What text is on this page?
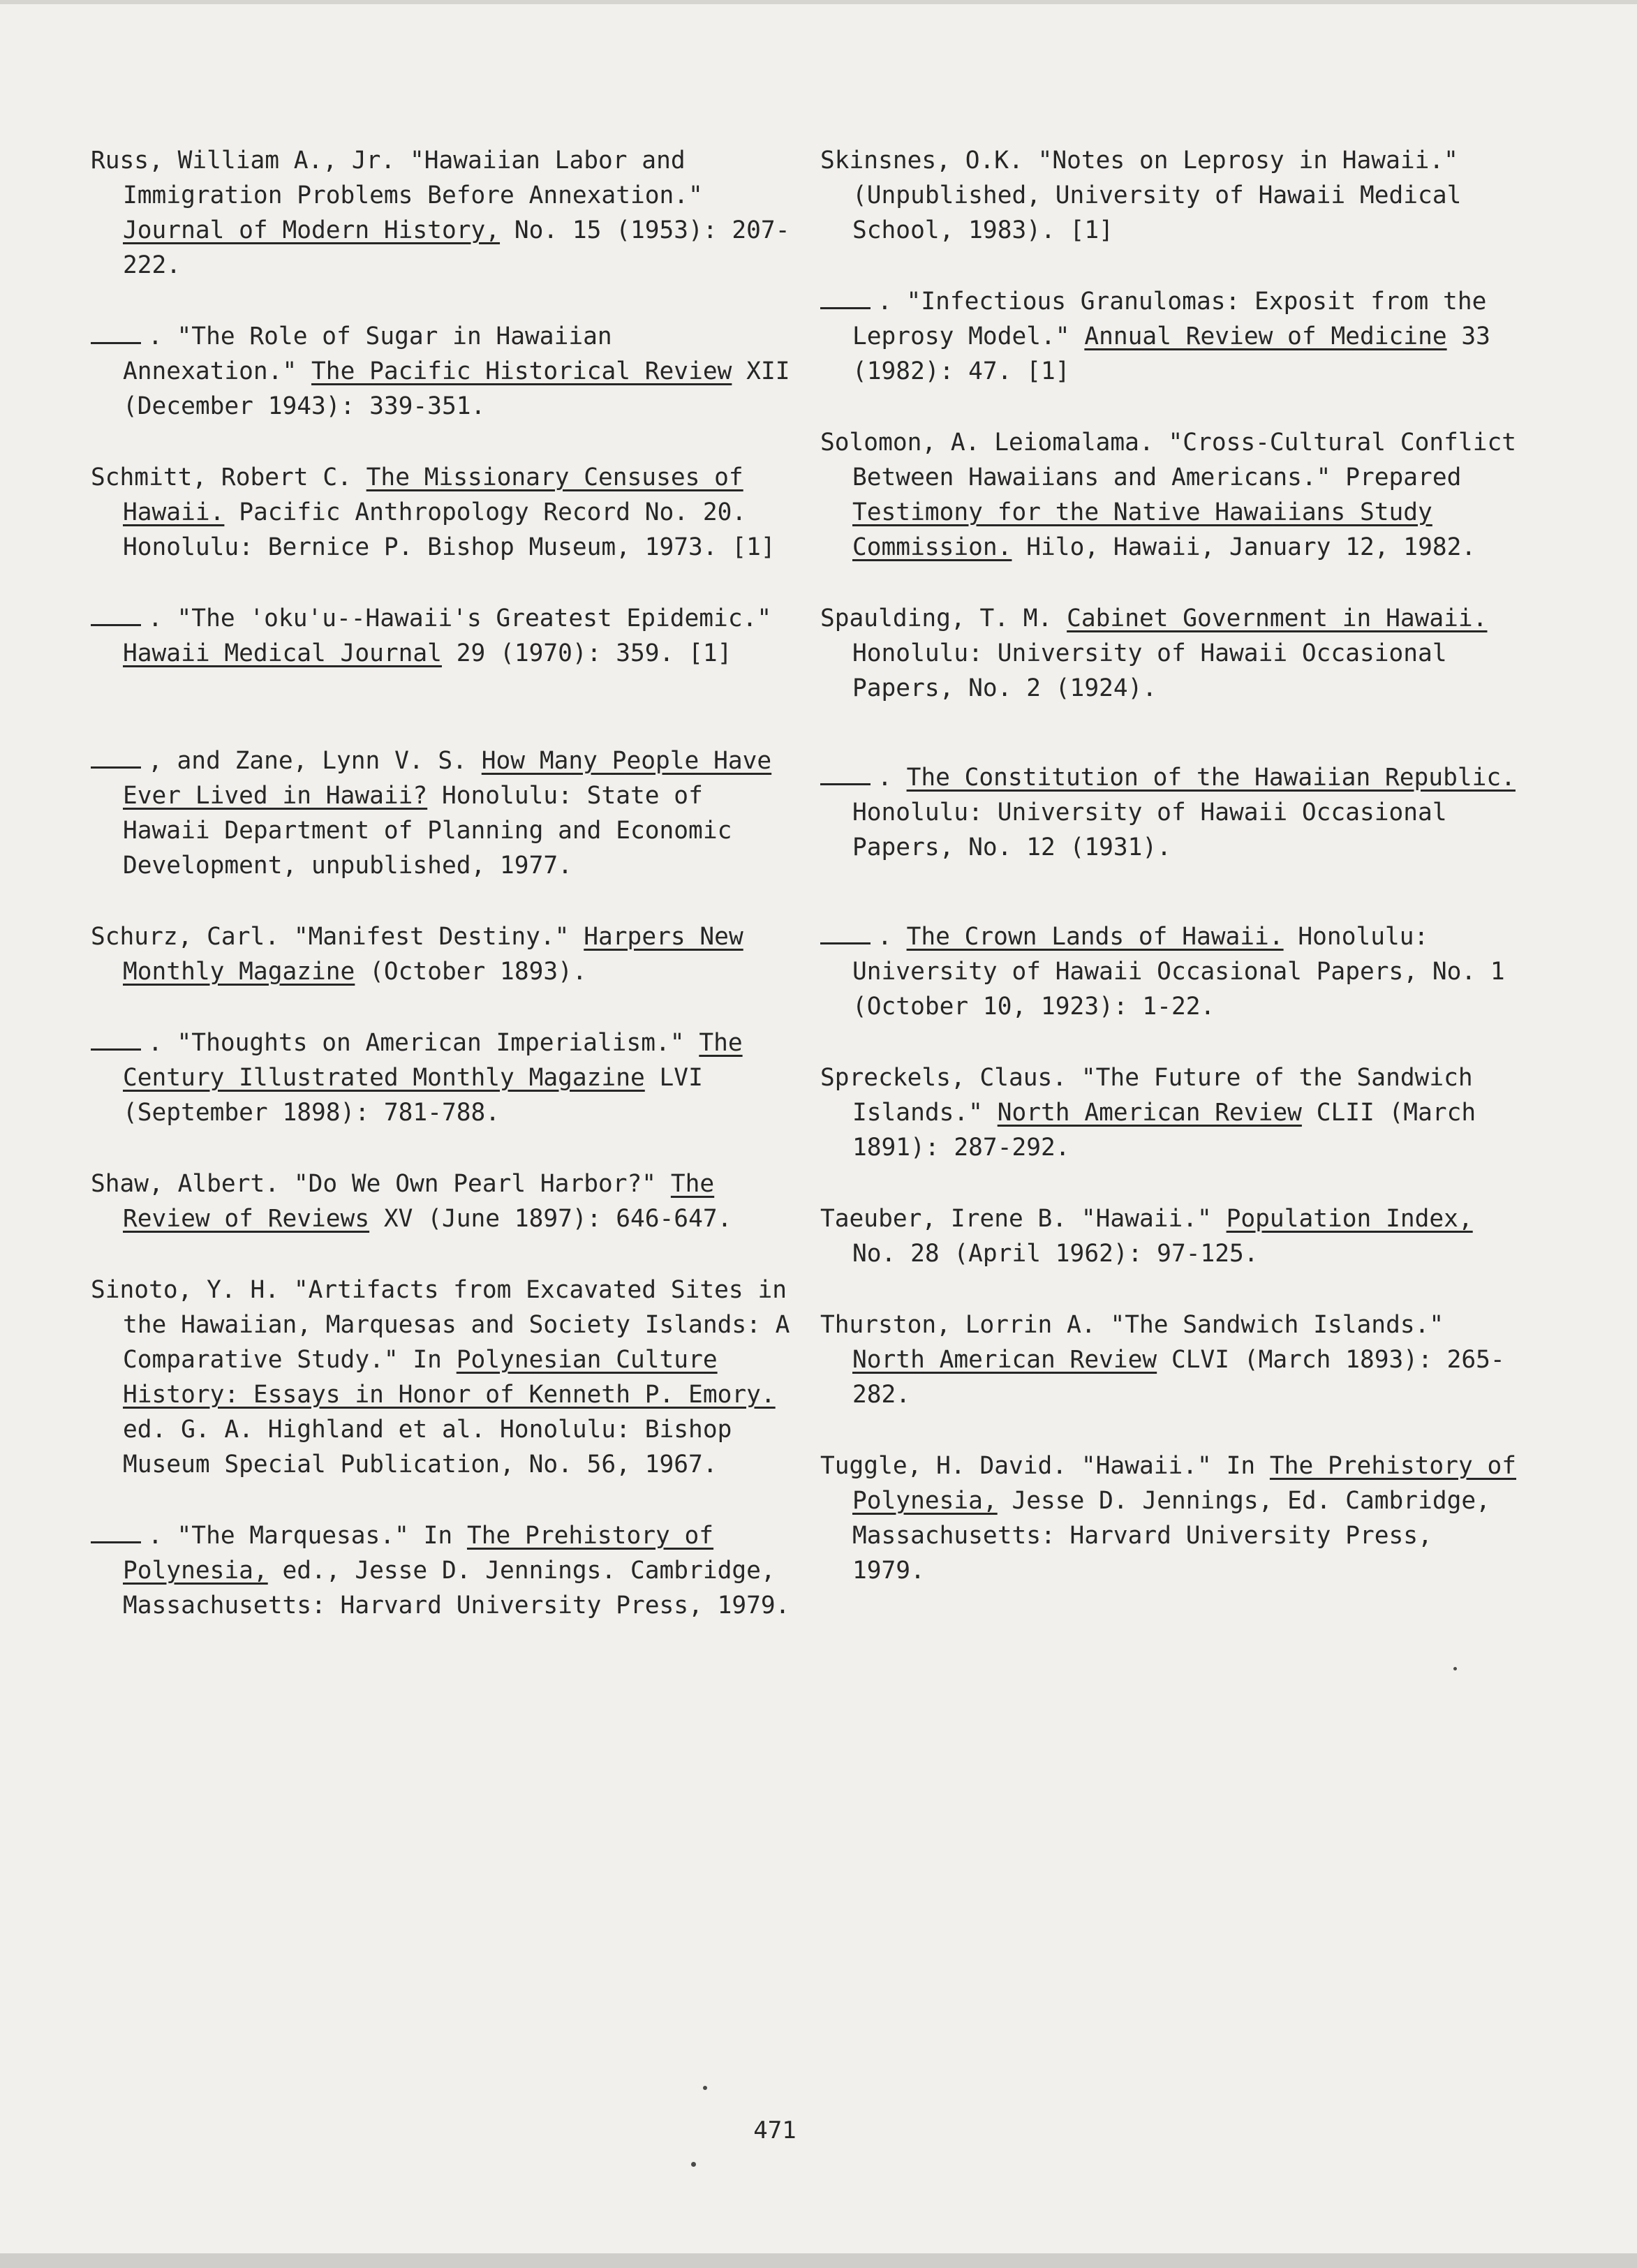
Russ, William A., Jr. "Hawaiian Labor and Immigration Problems Before Annexation." Journal of Modern History, No. 15 (1953): 207-222.

. "The Role of Sugar in Hawaiian Annexation." The Pacific Historical Review XII (December 1943): 339-351.

Schmitt, Robert C. The Missionary Censuses of Hawaii. Pacific Anthropology Record No. 20. Honolulu: Bernice P. Bishop Museum, 1973. [1]

. "The 'oku'u--Hawaii's Greatest Epidemic." Hawaii Medical Journal 29 (1970): 359. [1]

, and Zane, Lynn V. S. How Many People Have Ever Lived in Hawaii? Honolulu: State of Hawaii Department of Planning and Economic Development, unpublished, 1977.

Schurz, Carl. "Manifest Destiny." Harpers New Monthly Magazine (October 1893).

. "Thoughts on American Imperialism." The Century Illustrated Monthly Magazine LVI (September 1898): 781-788.

Shaw, Albert. "Do We Own Pearl Harbor?" The Review of Reviews XV (June 1897): 646-647.

Sinoto, Y. H. "Artifacts from Excavated Sites in the Hawaiian, Marquesas and Society Islands: A Comparative Study." In Polynesian Culture History: Essays in Honor of Kenneth P. Emory. ed. G. A. Highland et al. Honolulu: Bishop Museum Special Publication, No. 56, 1967.

. "The Marquesas." In The Prehistory of Polynesia, ed., Jesse D. Jennings. Cambridge, Massachusetts: Harvard University Press, 1979.

Skinsnes, O.K. "Notes on Leprosy in Hawaii." (Unpublished, University of Hawaii Medical School, 1983). [1]

. "Infectious Granulomas: Exposit from the Leprosy Model." Annual Review of Medicine 33 (1982): 47. [1]

Solomon, A. Leiomalama. "Cross-Cultural Conflict Between Hawaiians and Americans." Prepared Testimony for the Native Hawaiians Study Commission. Hilo, Hawaii, January 12, 1982.

Spaulding, T. M. Cabinet Government in Hawaii. Honolulu: University of Hawaii Occasional Papers, No. 2 (1924).

. The Constitution of the Hawaiian Republic. Honolulu: University of Hawaii Occasional Papers, No. 12 (1931).

. The Crown Lands of Hawaii. Honolulu: University of Hawaii Occasional Papers, No. 1 (October 10, 1923): 1-22.

Spreckels, Claus. "The Future of the Sandwich Islands." North American Review CLII (March 1891): 287-292.

Taeuber, Irene B. "Hawaii." Population Index, No. 28 (April 1962): 97-125.

Thurston, Lorrin A. "The Sandwich Islands." North American Review CLVI (March 1893): 265-282.

Tuggle, H. David. "Hawaii." In The Prehistory of Polynesia, Jesse D. Jennings, Ed. Cambridge, Massachusetts: Harvard University Press, 1979.

471
